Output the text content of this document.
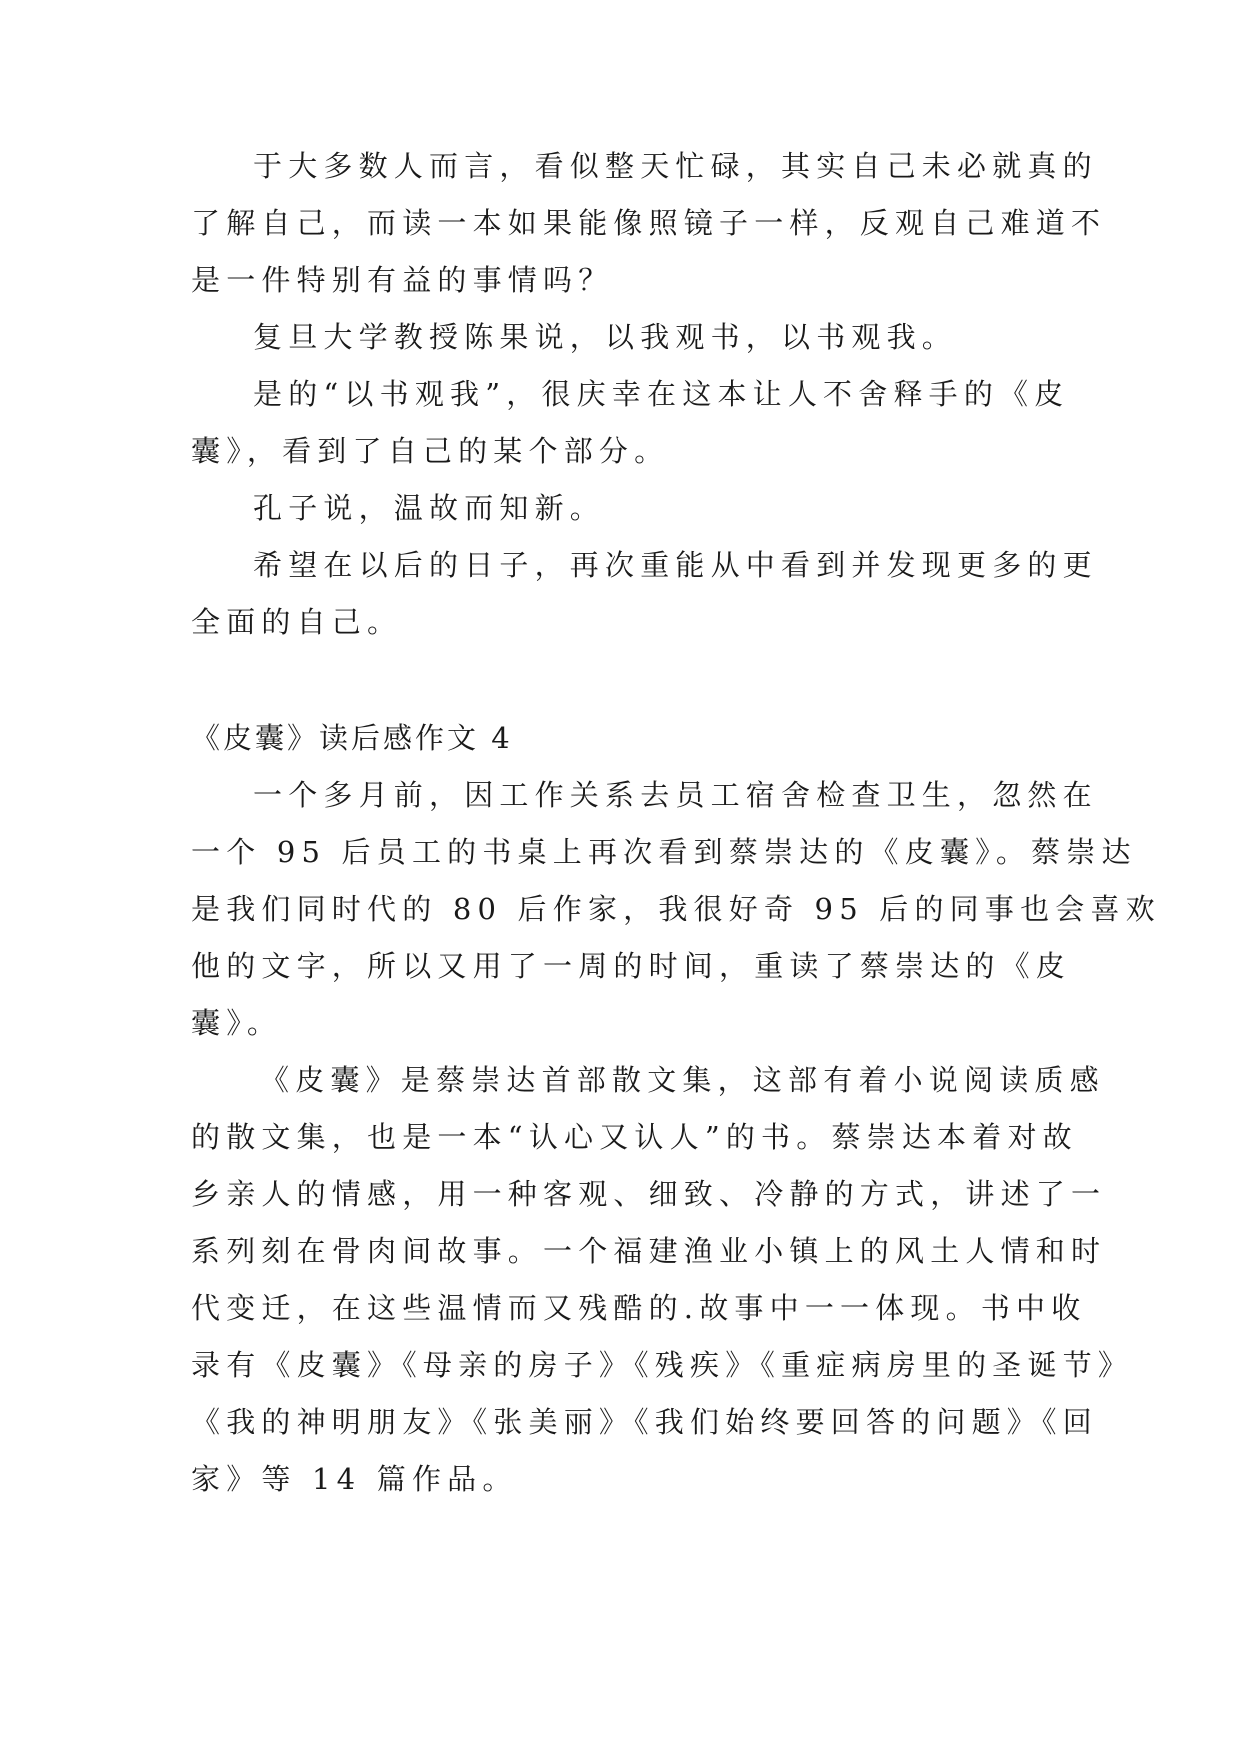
于大多数人而言，看似整天忙碌，其实自己未必就真的
了解自己，而读一本如果能像照镜子一样，反观自己难道不
是一件特别有益的事情吗？
复旦大学教授陈果说，以我观书，以书观我。
是的“以书观我”，很庆幸在这本让人不舍释手的《皮
囊》，看到了自己的某个部分。
孔子说，温故而知新。
希望在以后的日子，再次重能从中看到并发现更多的更
全面的自己。
《皮囊》读后感作文 4
一个多月前，因工作关系去员工宿舍检查卫生，忽然在
一个 95 后员工的书桌上再次看到蔡崇达的《皮囊》。蔡崇达
是我们同时代的 80 后作家，我很好奇 95 后的同事也会喜欢
他的文字，所以又用了一周的时间，重读了蔡崇达的《皮
囊》。
《皮囊》是蔡崇达首部散文集，这部有着小说阅读质感
的散文集，也是一本“认心又认人”的书。蔡崇达本着对故
乡亲人的情感，用一种客观、细致、冷静的方式，讲述了一
系列刻在骨肉间故事。一个福建渔业小镇上的风土人情和时
代变迁，在这些温情而又残酷的.故事中一一体现。书中收
录有《皮囊》《母亲的房子》《残疾》《重症病房里的圣诞节》
《我的神明朋友》《张美丽》《我们始终要回答的问题》《回
家》等 14 篇作品。
